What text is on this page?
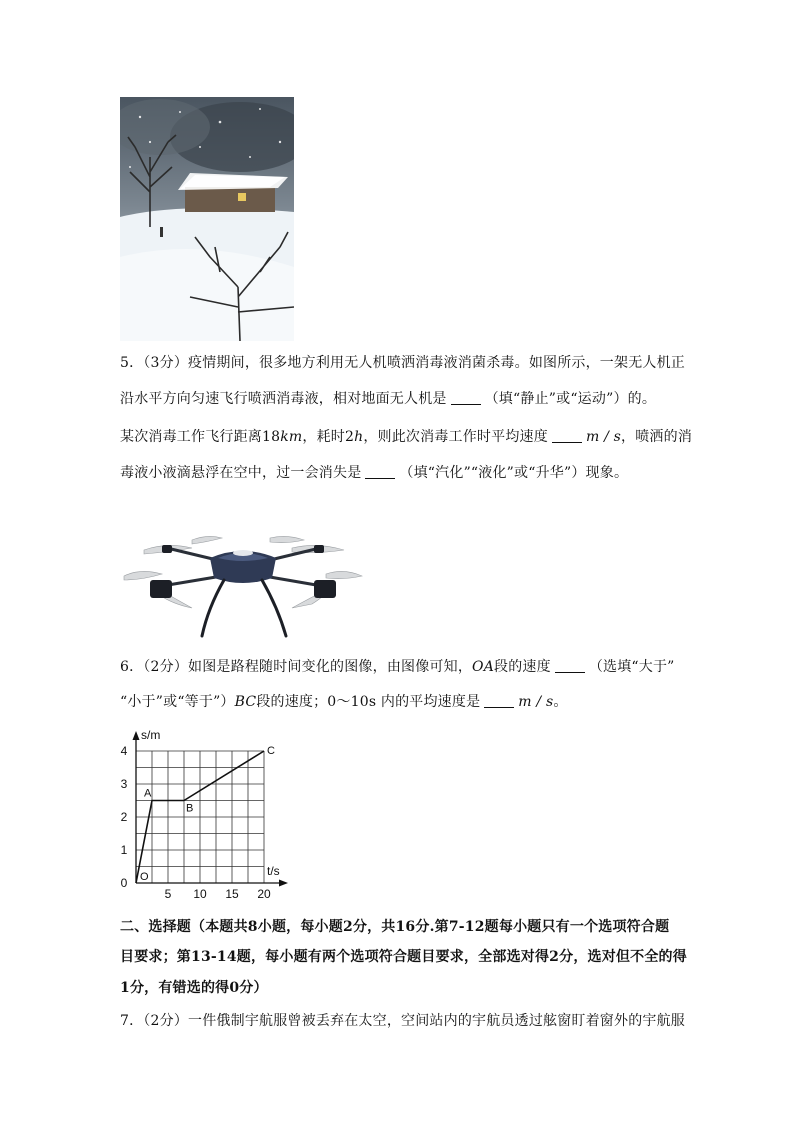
5．（3分）疫情期间，很多地方利用无人机喷洒消毒液消菌杀毒。如图所示，一架无人机正
沿水平方向匀速飞行喷洒消毒液，相对地面无人机是	（填“静止”或“运动”）的。
某次消毒工作飞行距离18km，耗时2h，则此次消毒工作时平均速度	m / s，喷洒的消
毒液小液滴悬浮在空中，过一会消失是	（填“汽化”“液化”或“升华”）现象。
6．（2分）如图是路程随时间变化的图像，由图像可知，OA段的速度	（选填“大于”
“小于”或“等于”）BC段的速度；0～10s 内的平均速度是	m / s。
s/m
t/s
5 10 15 20
0
1
2
3
4
O
A
B
C
二、选择题（本题共8小题，每小题2分，共16分.第7-12题每小题只有一个选项符合题
目要求；第13-14题，每小题有两个选项符合题目要求，全部选对得2分，选对但不全的得
1分，有错选的得0分）
7．（2分）一件俄制宇航服曾被丢弃在太空，空间站内的宇航员透过舷窗盯着窗外的宇航服
